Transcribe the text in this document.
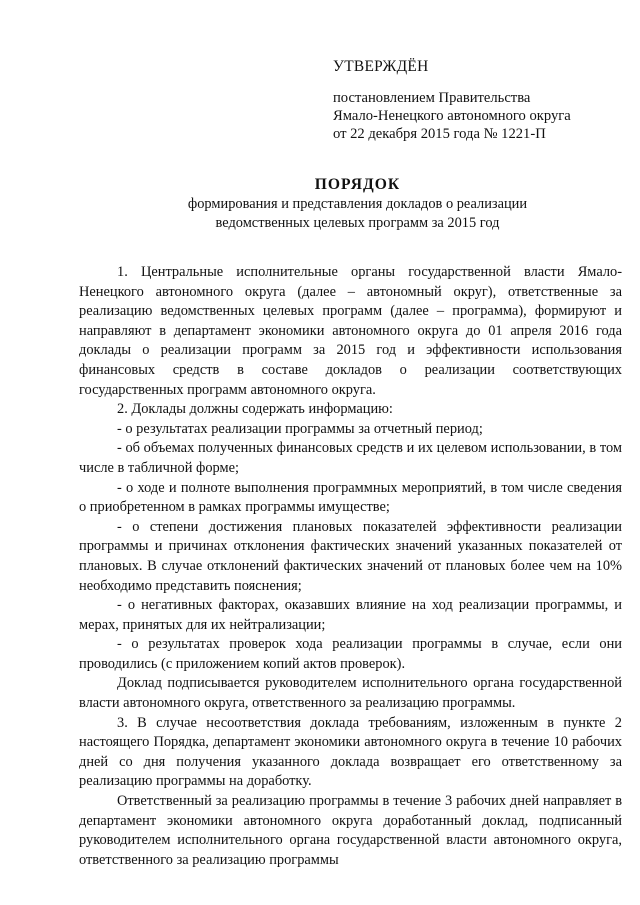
УТВЕРЖДЁН
постановлением Правительства
Ямало-Ненецкого автономного округа
от 22 декабря 2015 года № 1221-П
ПОРЯДОК
формирования и представления докладов о реализации
ведомственных целевых программ за 2015 год

1. Центральные исполнительные органы государственной власти Ямало-Ненецкого автономного округа (далее – автономный округ), ответственные за реализацию ведомственных целевых программ (далее – программа), формируют и направляют в департамент экономики автономного округа до 01 апреля 2016 года доклады о реализации программ за 2015 год и эффективности использования финансовых средств в составе докладов о реализации соответствующих государственных программ автономного округа.

2. Доклады должны содержать информацию:

- о результатах реализации программы за отчетный период;

- об объемах полученных финансовых средств и их целевом использовании, в том числе в табличной форме;

- о ходе и полноте выполнения программных мероприятий, в том числе сведения о приобретенном в рамках программы имуществе;

- о степени достижения плановых показателей эффективности реализации программы и причинах отклонения фактических значений указанных показателей от плановых. В случае отклонений фактических значений от плановых более чем на 10% необходимо представить пояснения;

- о негативных факторах, оказавших влияние на ход реализации программы, и мерах, принятых для их нейтрализации;

- о результатах проверок хода реализации программы в случае, если они проводились (с приложением копий актов проверок).

Доклад подписывается руководителем исполнительного органа государственной власти автономного округа, ответственного за реализацию программы.

3. В случае несоответствия доклада требованиям, изложенным в пункте 2 настоящего Порядка, департамент экономики автономного округа в течение 10 рабочих дней со дня получения указанного доклада возвращает его ответственному за реализацию программы на доработку.

Ответственный за реализацию программы в течение 3 рабочих дней направляет в департамент экономики автономного округа доработанный доклад, подписанный руководителем исполнительного органа государственной власти автономного округа, ответственного за реализацию программы
